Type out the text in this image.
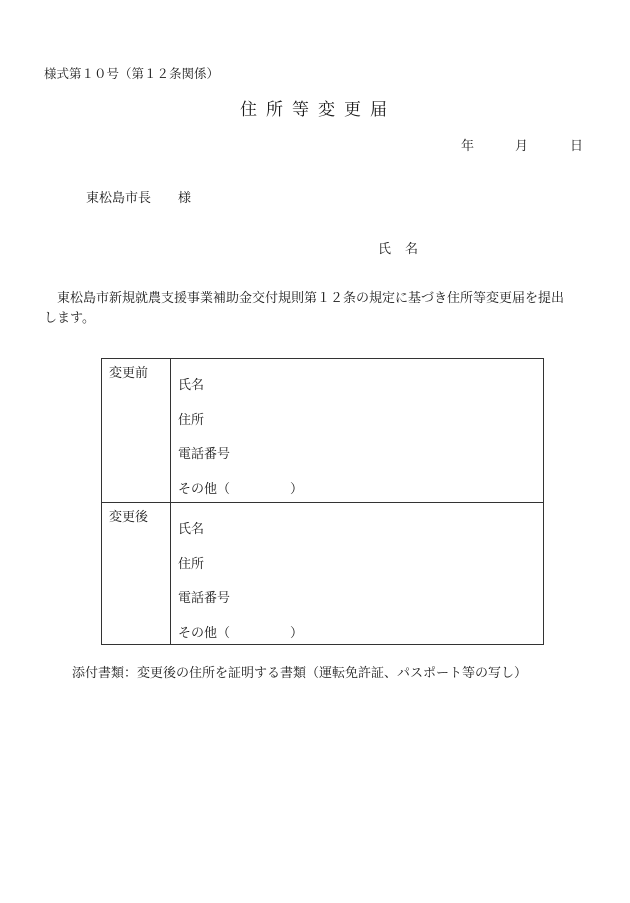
様式第１０号（第１２条関係）
住所等変更届
年	月	日
東松島市長 様
氏名
　東松島市新規就農支援事業補助金交付規則第１２条の規定に基づき住所等変更届を提出
します。
変更前
氏名
住所
電話番号
その他（	）
変更後
氏名
住所
電話番号
その他（	）
添付書類：変更後の住所を証明する書類（運転免許証、パスポート等の写し）
